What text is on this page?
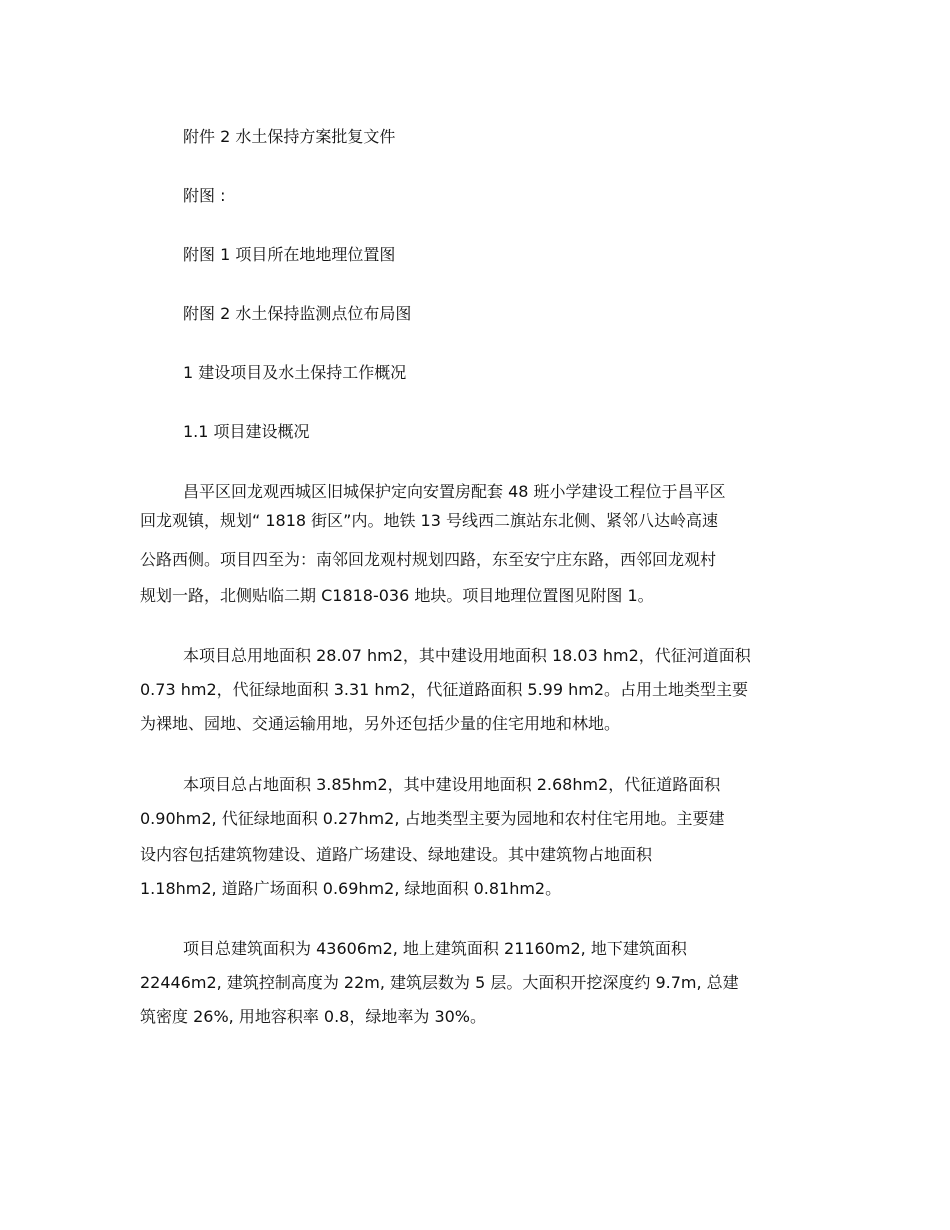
附件 2 水土保持方案批复文件
附图 :
附图 1 项目所在地地理位置图
附图 2 水土保持监测点位布局图
1 建设项目及水土保持工作概况
1.1 项目建设概况
昌平区回龙观西城区旧城保护定向安置房配套 48 班小学建设工程位于昌平区
回龙观镇，规划“ 1818 街区”内。地铁 13 号线西二旗站东北侧、紧邻八达岭高速
公路西侧。项目四至为：南邻回龙观村规划四路，东至安宁庄东路，西邻回龙观村
规划一路，北侧贴临二期 C1818-036 地块。项目地理位置图见附图 1。
本项目总用地面积 28.07 hm2，其中建设用地面积 18.03 hm2，代征河道面积
0.73 hm2，代征绿地面积 3.31 hm2，代征道路面积 5.99 hm2。占用土地类型主要
为裸地、园地、交通运输用地，另外还包括少量的住宅用地和林地。
本项目总占地面积 3.85hm2，其中建设用地面积 2.68hm2，代征道路面积
0.90hm2, 代征绿地面积 0.27hm2, 占地类型主要为园地和农村住宅用地。主要建
设内容包括建筑物建设、道路广场建设、绿地建设。其中建筑物占地面积
1.18hm2, 道路广场面积 0.69hm2, 绿地面积 0.81hm2。
项目总建筑面积为 43606m2, 地上建筑面积 21160m2, 地下建筑面积
22446m2, 建筑控制高度为 22m, 建筑层数为 5 层。大面积开挖深度约 9.7m, 总建
筑密度 26%, 用地容积率 0.8，绿地率为 30%。
